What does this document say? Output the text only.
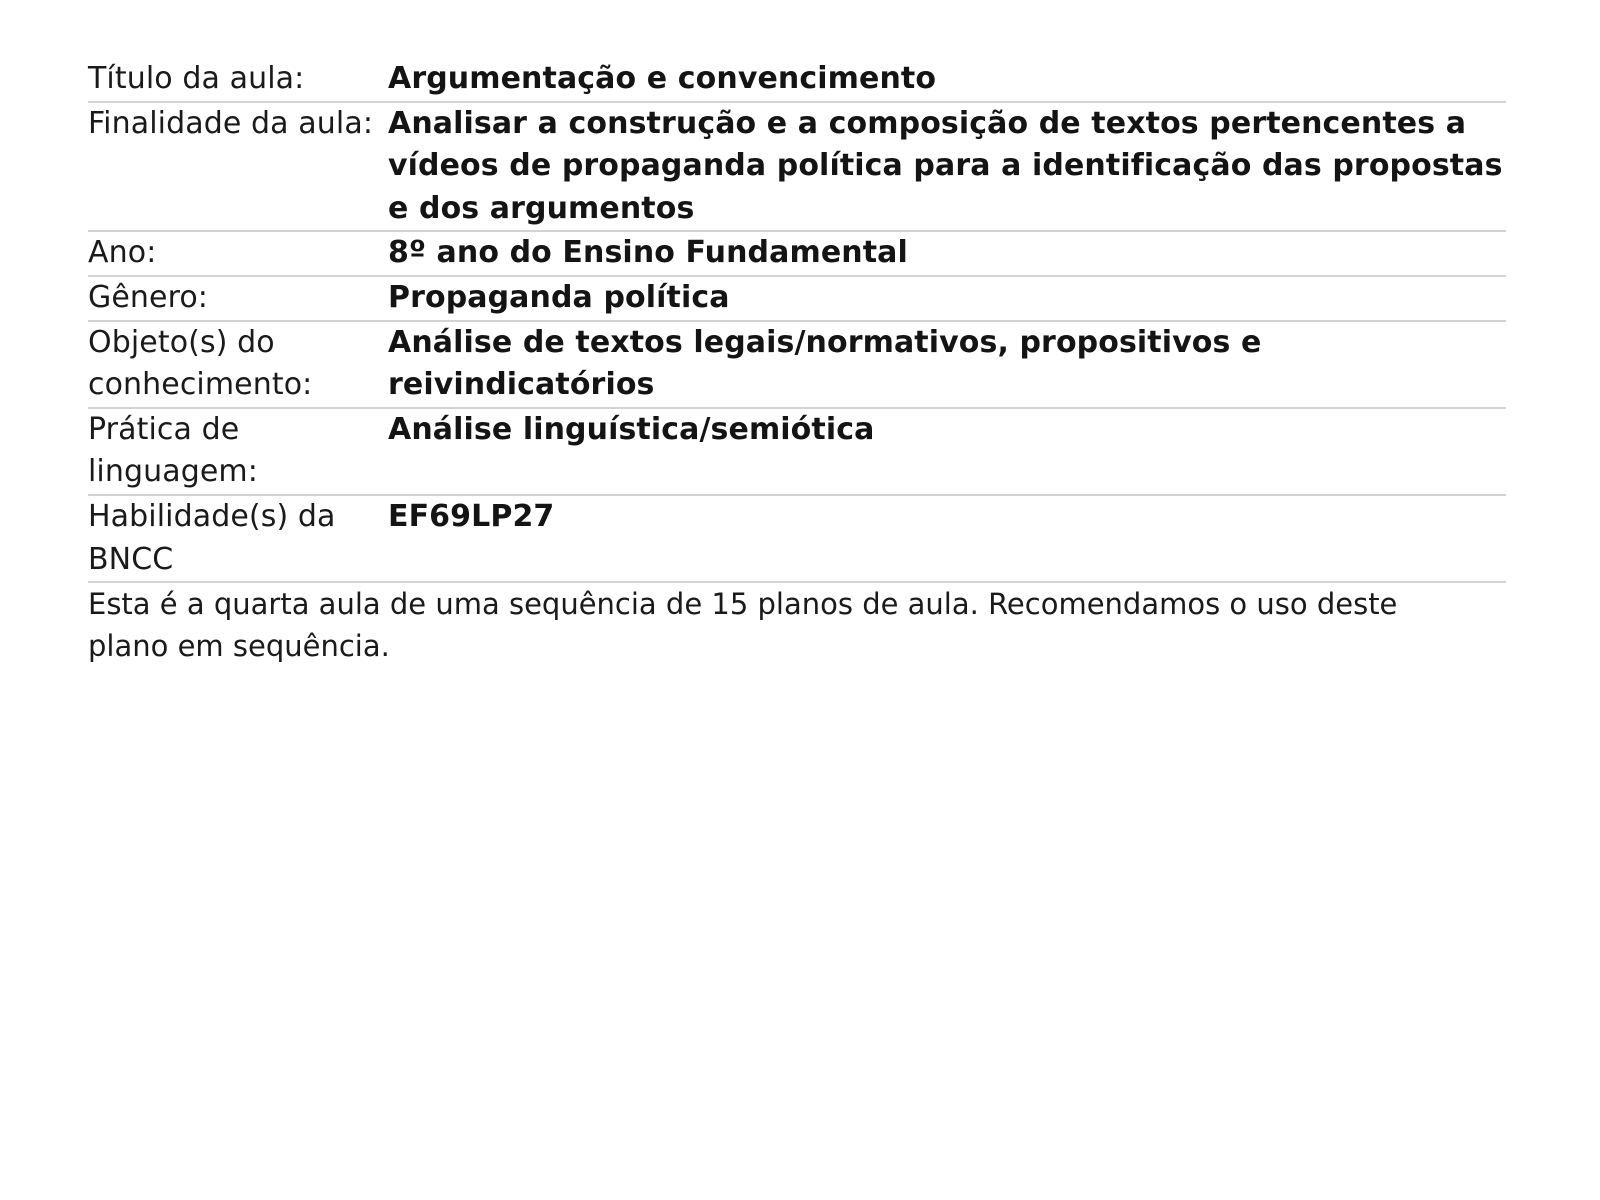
Título da aula:	Argumentação e convencimento
Finalidade da aula:	Analisar a construção e a composição de textos pertencentes a vídeos de propaganda política para a identificação das propostas e dos argumentos
Ano:	8º ano do Ensino Fundamental
Gênero:	Propaganda política
Objeto(s) do conhecimento:	Análise de textos legais/normativos, propositivos e reivindicatórios
Prática de linguagem:	Análise linguística/semiótica
Habilidade(s) da BNCC	EF69LP27

Esta é a quarta aula de uma sequência de 15 planos de aula. Recomendamos o uso deste plano em sequência.	
